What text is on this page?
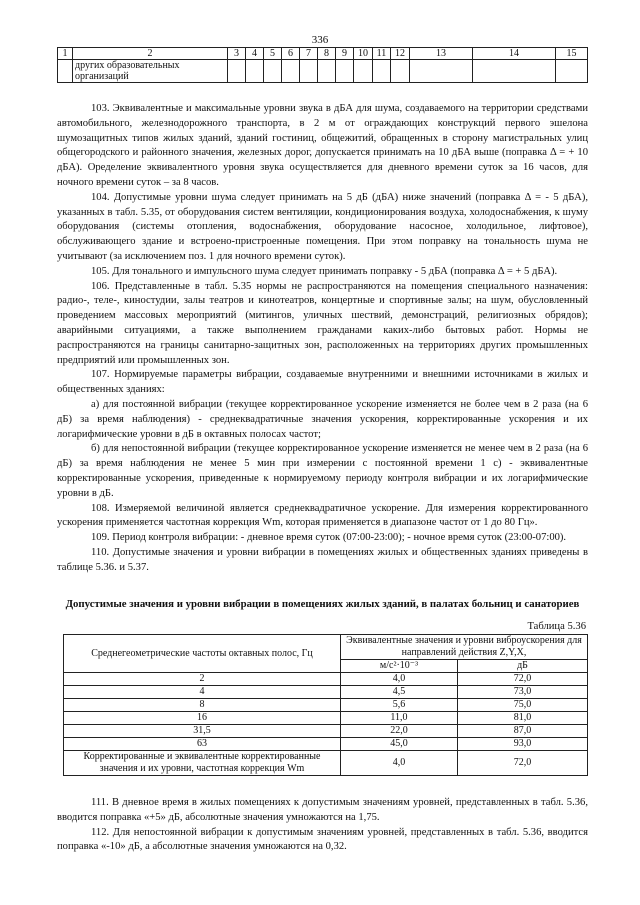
336
1	2	3	4	5	6	7	8	9	10	11	12	13	14	15

	других образовательных
организаций													

103. Эквивалентные и максимальные уровни звука в дБА для шума, создаваемого на территории средствами автомобильного, железнодорожного транспорта, в 2 м от ограждающих конструкций первого эшелона шумозащитных типов жилых зданий, зданий гостиниц, общежитий, обращенных в сторону магистральных улиц общегородского и районного значения, железных дорог, допускается принимать на 10 дБА выше (поправка Δ = + 10 дБА). Оределение эквивалентного уровня звука осуществляется для дневного времени суток за 16 часов, для ночного времени суток – за 8 часов.

104. Допустимые уровни шума следует принимать на 5 дБ (дБА) ниже значений (поправка Δ = - 5 дБА), указанных в табл. 5.35, от оборудования систем вентиляции, кондиционирования воздуха, холодоснабжения, к шуму оборудования (системы отопления, водоснабжения, оборудование насосное, холодильное, лифтовое), обслуживающего здание и встроено-пристроенные помещения. При этом поправку на тональность шума не учитывают (за исключением поз. 1 для ночного времени суток).

105. Для тонального и импульсного шума следует принимать поправку - 5 дБА (поправка Δ = + 5 дБА).

106. Представленные в табл. 5.35 нормы не распространяются на помещения специального назначения: радио-, теле-, киностудии, залы театров и кинотеатров, концертные и спортивные залы; на шум, обусловленный проведением массовых мероприятий (митингов, уличных шествий, демонстраций, религиозных обрядов); аварийными ситуациями, а также выполнением гражданами каких-либо бытовых работ. Нормы не распространяются на границы санитарно-защитных зон, расположенных на территориях других промышленных предприятий или промышленных зон.

107. Нормируемые параметры вибрации, создаваемые внутренними и внешними источниками в жилых и общественных зданиях:

а) для постоянной вибрации (текущее корректированное ускорение изменяется не более чем в 2 раза (на 6 дБ) за время наблюдения) - среднеквадратичные значения ускорения, корректированные ускорения и их логарифмические уровни в дБ в октавных полосах частот;

б) для непостоянной вибрации (текущее корректированное ускорение изменяется не менее чем в 2 раза (на 6 дБ) за время наблюдения не менее 5 мин при измерении с постоянной времени 1 с) - эквивалентные корректированные ускорения, приведенные к нормируемому периоду контроля вибрации и их логарифмические уровни в дБ.

108. Измеряемой величиной является среднеквадратичное ускорение. Для измерения корректированного ускорения применяется частотная коррекция Wm, которая применяется в диапазоне частот от 1 до 80 Гц».

109. Период контроля вибрации: - дневное время суток (07:00-23:00); - ночное время суток (23:00-07:00).

110. Допустимые значения и уровни вибрации в помещениях жилых и общественных зданиях приведены в таблице 5.36. и 5.37.

Допустимые значения и уровни вибрации в помещениях жилых зданий, в палатах больниц и санаториев
Таблица 5.36
Среднегеометрические частоты октавных полос, Гц	Эквивалентные значения и уровни виброускорения для направлений действия Z,Y,X,	
	м/с²·10⁻³	дБ
2	4,0	72,0
4	4,5	73,0
8	5,6	75,0
16	11,0	81,0
31,5	22,0	87,0
63	45,0	93,0
Корректированные и эквивалентные корректированные значения и их уровни, частотная коррекция Wm	4,0	72,0

111. В дневное время в жилых помещениях к допустимым значениям уровней, представленных в табл. 5.36, вводится поправка «+5» дБ, абсолютные значения умножаются на 1,75.

112. Для непостоянной вибрации к допустимым значениям уровней, представленных в табл. 5.36, вводится поправка «-10» дБ, а абсолютные значения умножаются на 0,32.
